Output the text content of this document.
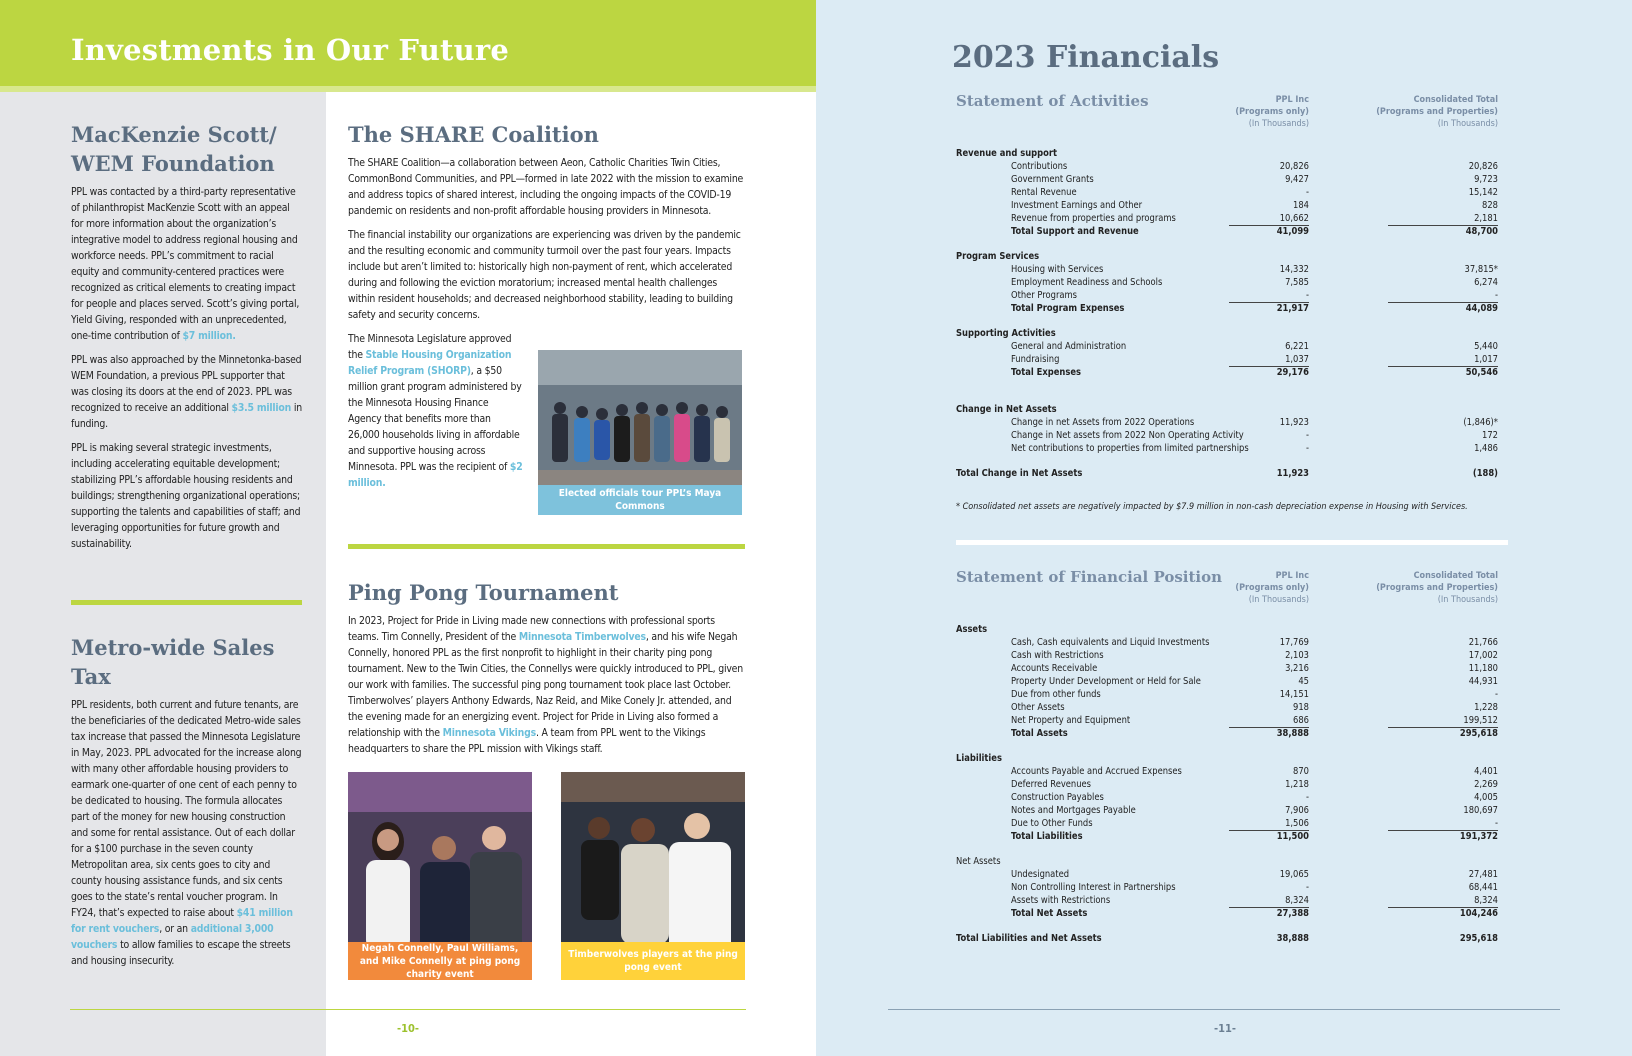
Investments in Our Future
MacKenzie Scott/
WEM Foundation

PPL was contacted by a third-party representative of philanthropist MacKenzie Scott with an appeal for more information about the organization’s integrative model to address regional housing and workforce needs. PPL’s commitment to racial equity and community-centered practices were recognized as critical elements to creating impact for people and places served. Scott’s giving portal, Yield Giving, responded with an unprecedented, one-time contribution of $7 million.

PPL was also approached by the Minnetonka-based WEM Foundation, a previous PPL supporter that was closing its doors at the end of 2023. PPL was recognized to receive an additional $3.5 million in funding.

PPL is making several strategic investments, including accelerating equitable development; stabilizing PPL’s affordable housing residents and buildings; strengthening organizational operations; supporting the talents and capabilities of staff; and leveraging opportunities for future growth and sustainability.

Metro-wide Sales Tax

PPL residents, both current and future tenants, are the beneficiaries of the dedicated Metro-wide sales tax increase that passed the Minnesota Legislature in May, 2023. PPL advocated for the increase along with many other affordable housing providers to earmark one-quarter of one cent of each penny to be dedicated to housing. The formula allocates part of the money for new housing construction and some for rental assistance. Out of each dollar for a $100 purchase in the seven county Metropolitan area, six cents goes to city and county housing assistance funds, and six cents goes to the state’s rental voucher program. In FY24, that’s expected to raise about $41 million for rent vouchers, or an additional 3,000 vouchers to allow families to escape the streets and housing insecurity.

The SHARE Coalition

The SHARE Coalition—a collaboration between Aeon, Catholic Charities Twin Cities, CommonBond Communities, and PPL—formed in late 2022 with the mission to examine and address topics of shared interest, including the ongoing impacts of the COVID-19 pandemic on residents and non-profit affordable housing providers in Minnesota.

The financial instability our organizations are experiencing was driven by the pandemic and the resulting economic and community turmoil over the past four years. Impacts include but aren’t limited to: historically high non-payment of rent, which accelerated during and following the eviction moratorium; increased mental health challenges within resident households; and decreased neighborhood stability, leading to building safety and security concerns.

The Minnesota Legislature approved the Stable Housing Organization Relief Program (SHORP), a $50 million grant program administered by the Minnesota Housing Finance Agency that benefits more than 26,000 households living in affordable and supportive housing across Minnesota. PPL was the recipient of $2 million.

Elected officials tour PPL’s Maya Commons
Ping Pong Tournament

In 2023, Project for Pride in Living made new connections with professional sports teams. Tim Connelly, President of the Minnesota Timberwolves, and his wife Negah Connelly, honored PPL as the first nonprofit to highlight in their charity ping pong tournament. New to the Twin Cities, the Connellys were quickly introduced to PPL, given our work with families. The successful ping pong tournament took place last October. Timberwolves’ players Anthony Edwards, Naz Reid, and Mike Conely Jr. attended, and the evening made for an energizing event. Project for Pride in Living also formed a relationship with the Minnesota Vikings. A team from PPL went to the Vikings headquarters to share the PPL mission with Vikings staff.

Negah Connelly, Paul Williams, and Mike Connelly at ping pong charity event
Timberwolves players at the ping pong event
-10-
2023 Financials
-11-
Statement of Activities	PPL Inc
(Programs only)
(In Thousands)
Consolidated Total
(Programs and Properties)
(In Thousands)
Revenue and support
Contributions	20,826	20,826
Government Grants	9,427	9,723
Rental Revenue	-	15,142
Investment Earnings and Other	184	828
Revenue from properties and programs	10,662	2,181
Total Support and Revenue	41,099	48,700
Program Services
Housing with Services	14,332	37,815*
Employment Readiness and Schools	7,585	6,274
Other Programs	-	-
Total Program Expenses	21,917	44,089
Supporting Activities
General and Administration	6,221	5,440
Fundraising	1,037	1,017
Total Expenses	29,176	50,546
Change in Net Assets
Change in net Assets from 2022 Operations	11,923	(1,846)*
Change in Net assets from 2022 Non Operating Activity	-	172
Net contributions to properties from limited partnerships	-	1,486
Total Change in Net Assets	11,923	(188)
* Consolidated net assets are negatively impacted by $7.9 million in non-cash depreciation expense in Housing with Services.
Statement of Financial Position	PPL Inc
(Programs only)
(In Thousands)
Consolidated Total
(Programs and Properties)
(In Thousands)
Assets
Cash, Cash equivalents and Liquid Investments	17,769	21,766
Cash with Restrictions	2,103	17,002
Accounts Receivable	3,216	11,180
Property Under Development or Held for Sale	45	44,931
Due from other funds	14,151	-
Other Assets	918	1,228
Net Property and Equipment	686	199,512
Total Assets	38,888	295,618
Liabilities
Accounts Payable and Accrued Expenses	870	4,401
Deferred Revenues	1,218	2,269
Construction Payables	-	4,005
Notes and Mortgages Payable	7,906	180,697
Due to Other Funds	1,506	-
Total Liabilities	11,500	191,372
Net Assets
Undesignated	19,065	27,481
Non Controlling Interest in Partnerships	-	68,441
Assets with Restrictions	8,324	8,324
Total Net Assets	27,388	104,246
Total Liabilities and Net Assets	38,888	295,618
